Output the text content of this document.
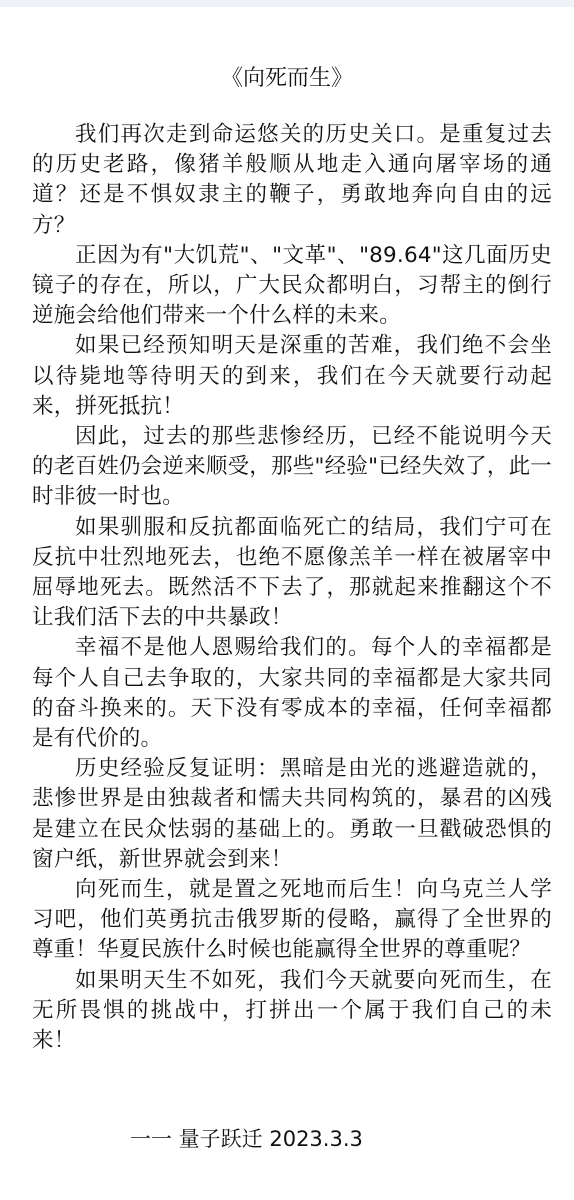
《向死而生》

我们再次走到命运悠关的历史关口。是重复过去的历史老路，像猪羊般顺从地走入通向屠宰场的通道？还是不惧奴隶主的鞭子，勇敢地奔向自由的远方？

正因为有"大饥荒"、"文革"、"89.64"这几面历史镜子的存在，所以，广大民众都明白，习帮主的倒行逆施会给他们带来一个什么样的未来。

如果已经预知明天是深重的苦难，我们绝不会坐以待毙地等待明天的到来，我们在今天就要行动起来，拼死抵抗！

因此，过去的那些悲惨经历，已经不能说明今天的老百姓仍会逆来顺受，那些"经验"已经失效了，此一时非彼一时也。

如果驯服和反抗都面临死亡的结局，我们宁可在反抗中壮烈地死去，也绝不愿像羔羊一样在被屠宰中屈辱地死去。既然活不下去了，那就起来推翻这个不让我们活下去的中共暴政！

幸福不是他人恩赐给我们的。每个人的幸福都是每个人自己去争取的，大家共同的幸福都是大家共同的奋斗换来的。天下没有零成本的幸福，任何幸福都是有代价的。

历史经验反复证明：黑暗是由光的逃避造就的，悲惨世界是由独裁者和懦夫共同构筑的，暴君的凶残是建立在民众怯弱的基础上的。勇敢一旦戳破恐惧的窗户纸，新世界就会到来！

向死而生，就是置之死地而后生！向乌克兰人学习吧，他们英勇抗击俄罗斯的侵略，赢得了全世界的尊重！华夏民族什么时候也能赢得全世界的尊重呢？

如果明天生不如死，我们今天就要向死而生，在无所畏惧的挑战中，打拼出一个属于我们自己的未来！

一一 量子跃迁 2023.3.3
